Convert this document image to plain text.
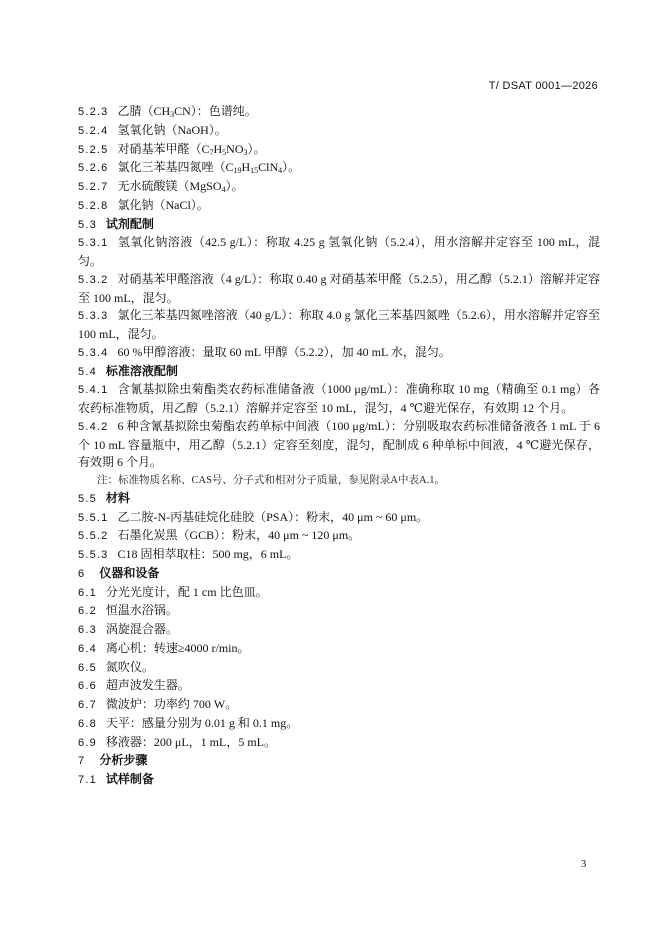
T/ DSAT 0001—2026

5.2.3 乙腈$(CH_3CN)$：色谱纯。

5.2.4 氢氧化钠（NaOH）。

5.2.5 对硝基苯甲醛$(C_7H_5NO_3)$。

5.2.6 氯化三苯基四氮唑$(C_{19}H_{15}ClN_4)$。

5.2.7 无水硫酸镁（MgSO$_4$）。

5.2.8 氯化钠（NaCl）。

5.3 试剂配制

5.3.1 氢氧化钠溶液（42.5 g/L）：称取 4.25 g 氢氧化钠（5.2.4），用水溶解并定容至 100 mL，混匀。

5.3.2 对硝基苯甲醛溶液（4 g/L）：称取 0.40 g 对硝基苯甲醛（5.2.5），用乙醇（5.2.1）溶解并定容至 100 mL，混匀。

5.3.3 氯化三苯基四氮唑溶液（40 g/L）：称取 4.0 g 氯化三苯基四氮唑（5.2.6），用水溶解并定容至 100 mL，混匀。

5.3.4 60 %甲醇溶液：量取 60 mL 甲醇（5.2.2），加 40 mL 水，混匀。

5.4 标准溶液配制

5.4.1 含氰基拟除虫菊酯类农药标准储备液（1000 μg/mL）：准确称取 10 mg（精确至 0.1 mg）各农药标准物质，用乙醇（5.2.1）溶解并定容至 10 mL，混匀，4 ℃避光保存，有效期 12 个月。

5.4.2 6 种含氰基拟除虫菊酯农药单标中间液（100 μg/mL）：分别吸取农药标准储备液各 1 mL 于 6 个 10 mL 容量瓶中，用乙醇（5.2.1）定容至刻度，混匀，配制成 6 种单标中间液，4 ℃避光保存，有效期 6 个月。

注：标准物质名称、CAS号、分子式和相对分子质量，参见附录A中表A.1。

5.5 材料

5.5.1 乙二胺-N-丙基硅烷化硅胶（PSA）：粉末，40 μm ~ 60 μm。

5.5.2 石墨化炭黑（GCB）：粉末，40 μm ~ 120 μm。

5.5.3 C18 固相萃取柱：500 mg，6 mL。

6 仪器和设备

6.1 分光光度计，配 1 cm 比色皿。

6.2 恒温水浴锅。

6.3 涡旋混合器。

6.4 离心机：转速≥4000 r/min。

6.5 氮吹仪。

6.6 超声波发生器。

6.7 微波炉：功率约 700 W。

6.8 天平：感量分别为 0.01 g 和 0.1 mg。

6.9 移液器：200 μL，1 mL，5 mL。

7 分析步骤
7.1 试样制备
3
